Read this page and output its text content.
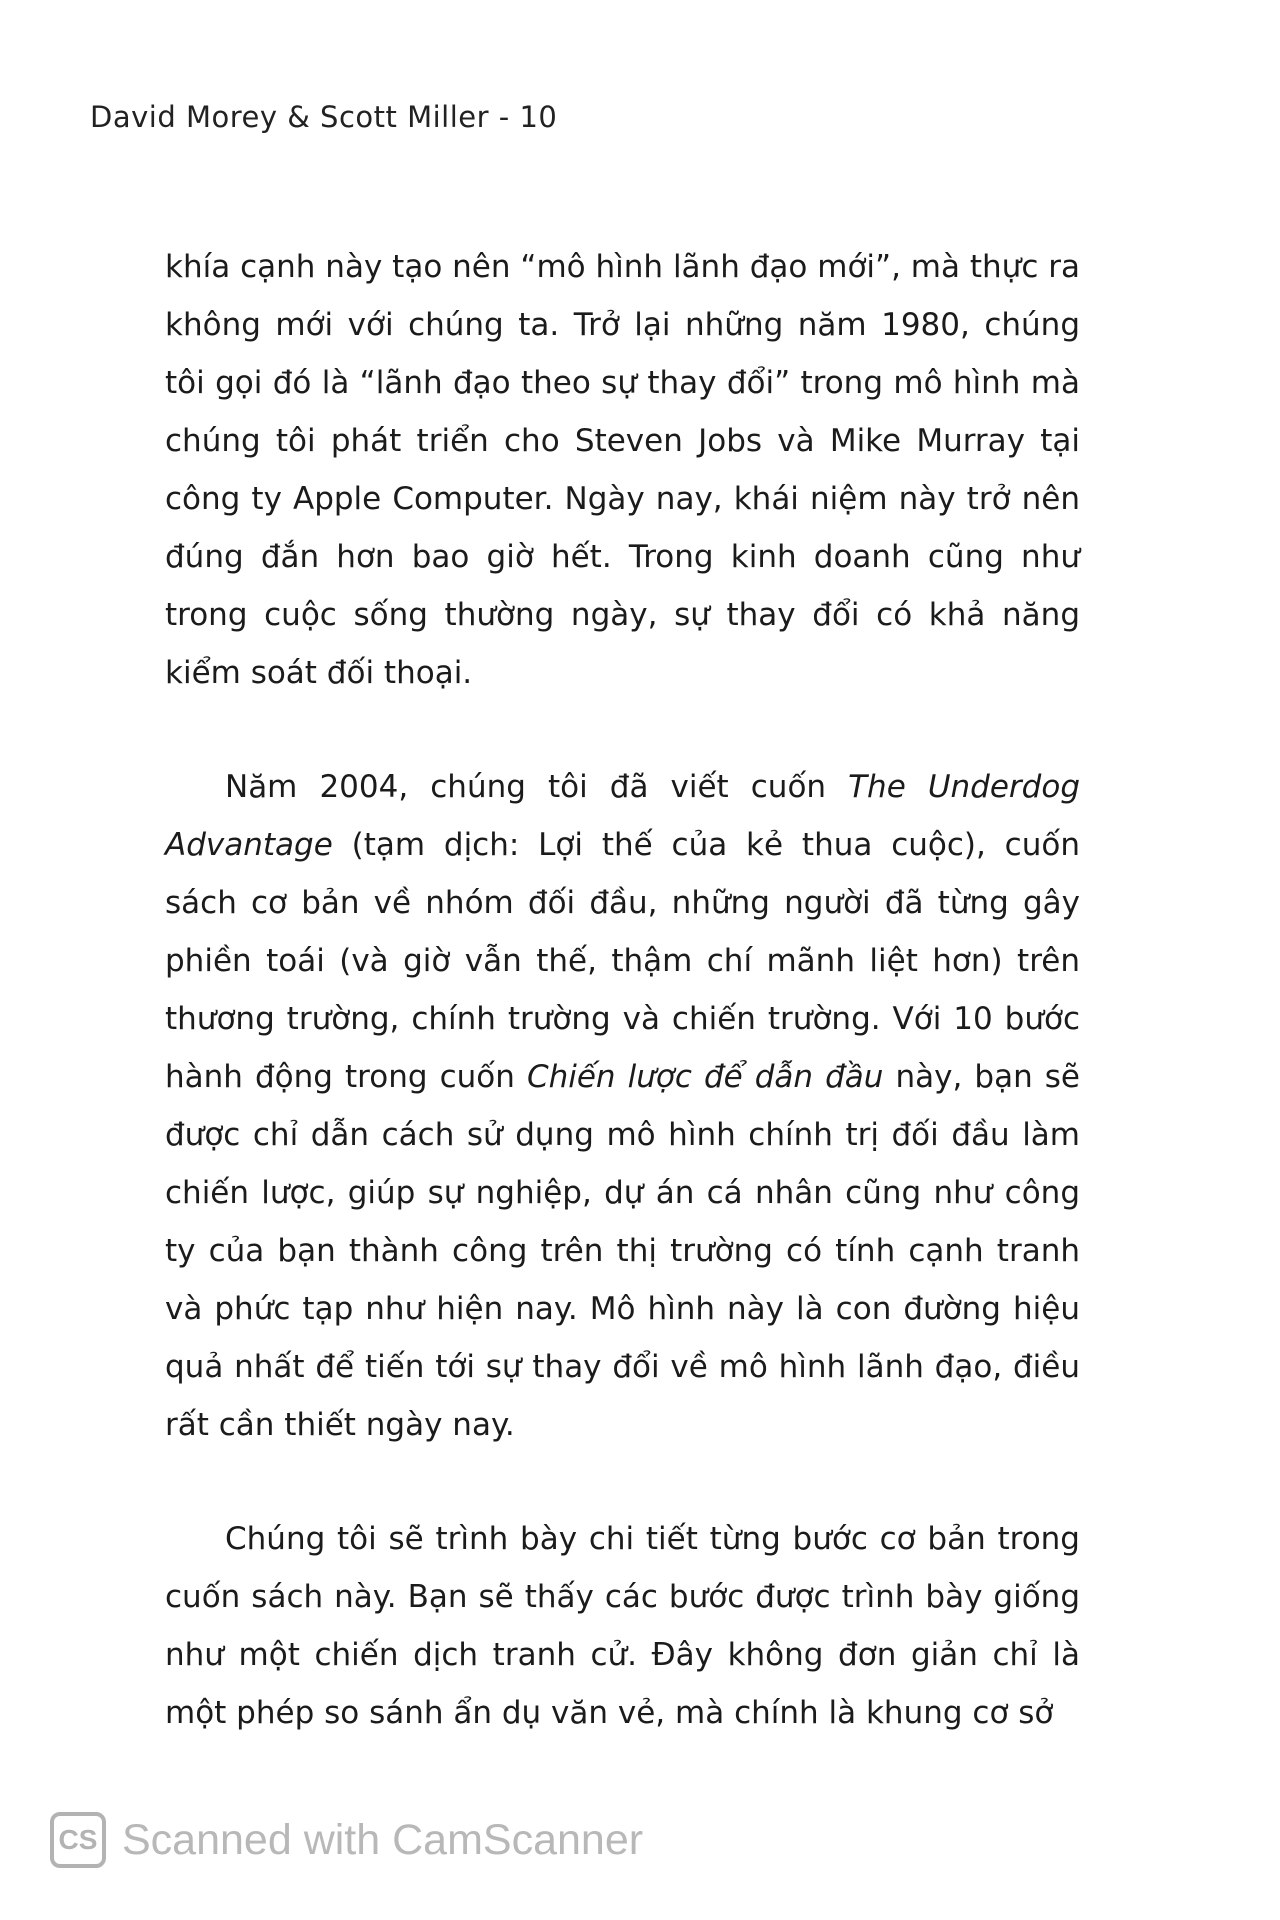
David Morey & Scott Miller - 10

khía cạnh này tạo nên “mô hình lãnh đạo mới”, mà thực ra không mới với chúng ta. Trở lại những năm 1980, chúng tôi gọi đó là “lãnh đạo theo sự thay đổi” trong mô hình mà chúng tôi phát triển cho Steven Jobs và Mike Murray tại công ty Apple Computer. Ngày nay, khái niệm này trở nên đúng đắn hơn bao giờ hết. Trong kinh doanh cũng như trong cuộc sống thường ngày, sự thay đổi có khả năng kiểm soát đối thoại.

Năm 2004, chúng tôi đã viết cuốn The Underdog Advantage (tạm dịch: Lợi thế của kẻ thua cuộc), cuốn sách cơ bản về nhóm đối đầu, những người đã từng gây phiền toái (và giờ vẫn thế, thậm chí mãnh liệt hơn) trên thương trường, chính trường và chiến trường. Với 10 bước hành động trong cuốn Chiến lược để dẫn đầu này, bạn sẽ được chỉ dẫn cách sử dụng mô hình chính trị đối đầu làm chiến lược, giúp sự nghiệp, dự án cá nhân cũng như công ty của bạn thành công trên thị trường có tính cạnh tranh và phức tạp như hiện nay. Mô hình này là con đường hiệu quả nhất để tiến tới sự thay đổi về mô hình lãnh đạo, điều rất cần thiết ngày nay.

Chúng tôi sẽ trình bày chi tiết từng bước cơ bản trong cuốn sách này. Bạn sẽ thấy các bước được trình bày giống như một chiến dịch tranh cử. Đây không đơn giản chỉ là một phép so sánh ẩn dụ văn vẻ, mà chính là khung cơ sở

CS Scanned with CamScanner
